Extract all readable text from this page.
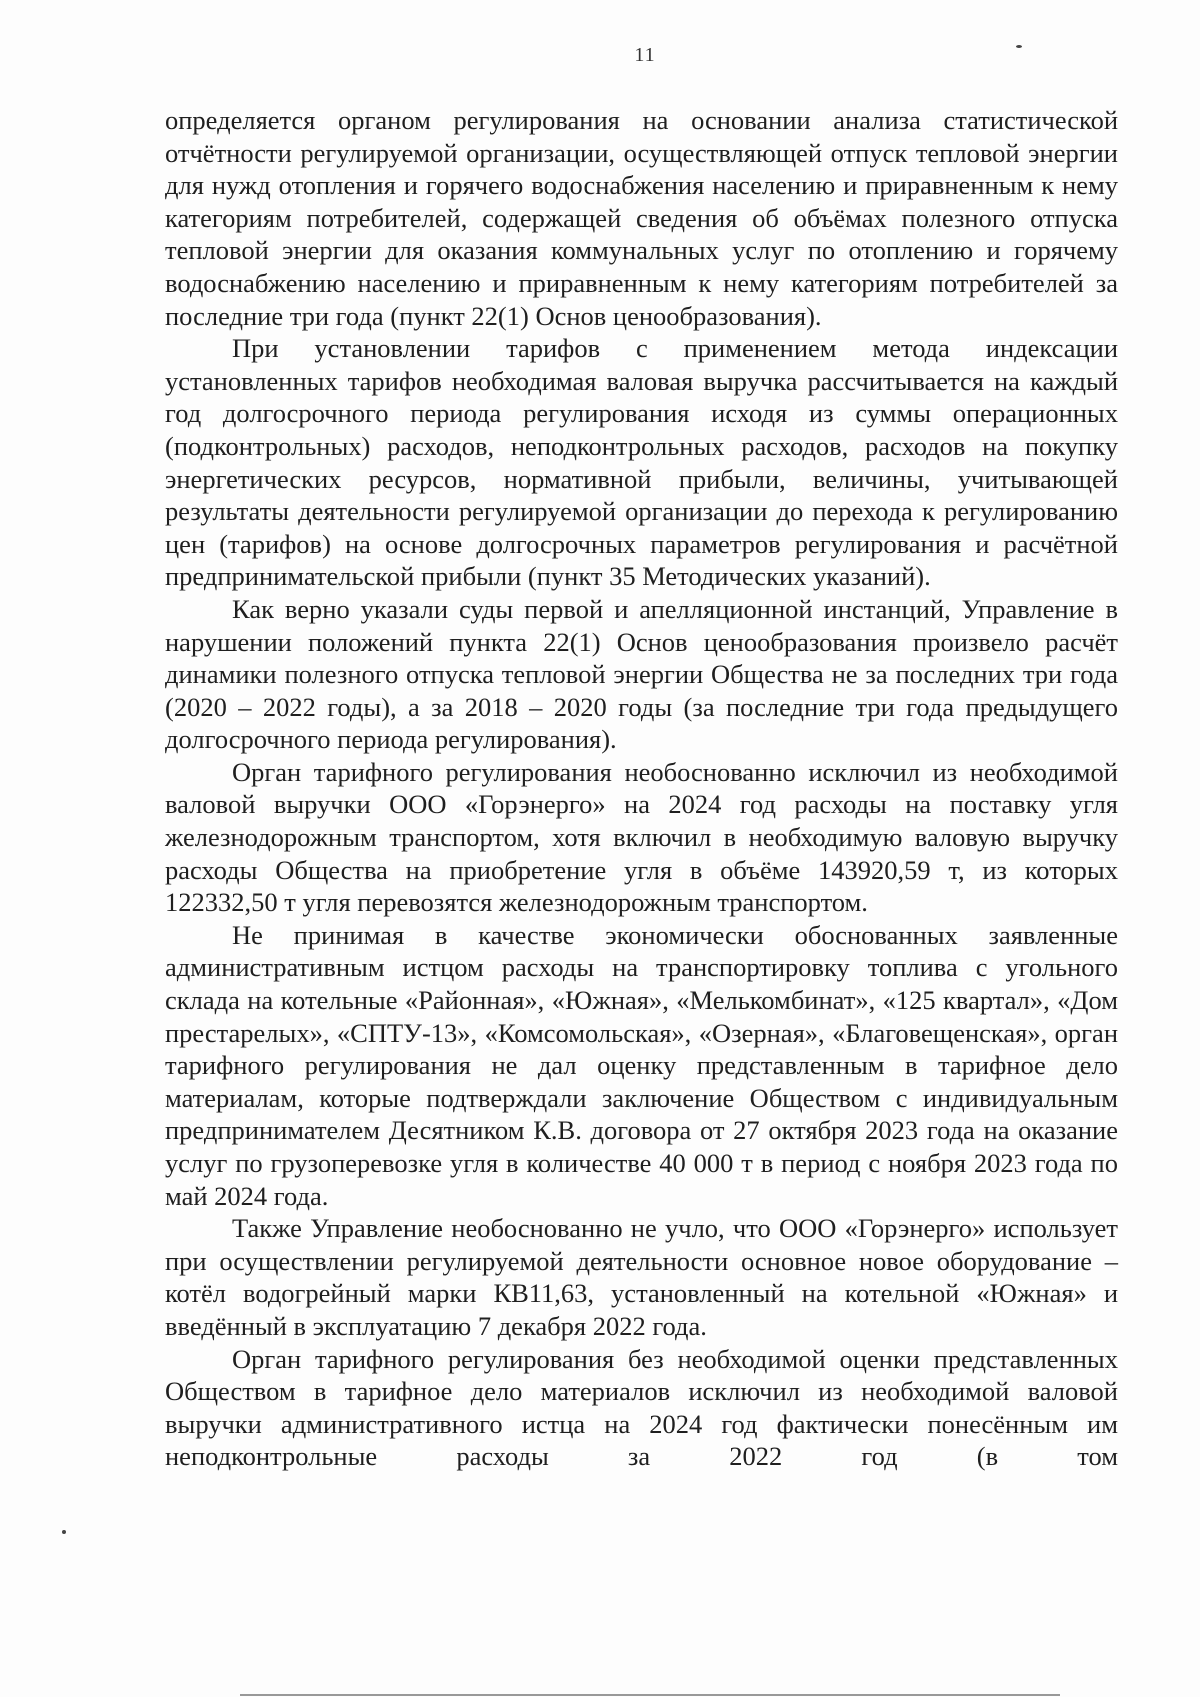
11

определяется органом регулирования на основании анализа статистической отчётности регулируемой организации, осуществляющей отпуск тепловой энергии для нужд отопления и горячего водоснабжения населению и приравненным к нему категориям потребителей, содержащей сведения об объёмах полезного отпуска тепловой энергии для оказания коммунальных услуг по отоплению и горячему водоснабжению населению и приравненным к нему категориям потребителей за последние три года (пункт 22(1) Основ ценообразования).

При установлении тарифов с применением метода индексации установленных тарифов необходимая валовая выручка рассчитывается на каждый год долгосрочного периода регулирования исходя из суммы операционных (подконтрольных) расходов, неподконтрольных расходов, расходов на покупку энергетических ресурсов, нормативной прибыли, величины, учитывающей результаты деятельности регулируемой организации до перехода к регулированию цен (тарифов) на основе долгосрочных параметров регулирования и расчётной предпринимательской прибыли (пункт 35 Методических указаний).

Как верно указали суды первой и апелляционной инстанций, Управление в нарушении положений пункта 22(1) Основ ценообразования произвело расчёт динамики полезного отпуска тепловой энергии Общества не за последних три года (2020 – 2022 годы), а за 2018 – 2020 годы (за последние три года предыдущего долгосрочного периода регулирования).

Орган тарифного регулирования необоснованно исключил из необходимой валовой выручки ООО «Горэнерго» на 2024 год расходы на поставку угля железнодорожным транспортом, хотя включил в необходимую валовую выручку расходы Общества на приобретение угля в объёме 143920,59 т, из которых 122332,50 т угля перевозятся железнодорожным транспортом.

Не принимая в качестве экономически обоснованных заявленные административным истцом расходы на транспортировку топлива с угольного склада на котельные «Районная», «Южная», «Мелькомбинат», «125 квартал», «Дом престарелых», «СПТУ-13», «Комсомольская», «Озерная», «Благовещенская», орган тарифного регулирования не дал оценку представленным в тарифное дело материалам, которые подтверждали заключение Обществом с индивидуальным предпринимателем Десятником К.В. договора от 27 октября 2023 года на оказание услуг по грузоперевозке угля в количестве 40 000 т в период с ноября 2023 года по май 2024 года.

Также Управление необоснованно не учло, что ООО «Горэнерго» использует при осуществлении регулируемой деятельности основное новое оборудование – котёл водогрейный марки КВ11,63, установленный на котельной «Южная» и введённый в эксплуатацию 7 декабря 2022 года.

Орган тарифного регулирования без необходимой оценки представленных Обществом в тарифное дело материалов исключил из необходимой валовой выручки административного истца на 2024 год фактически понесённым им неподконтрольные расходы за 2022 год (в том
